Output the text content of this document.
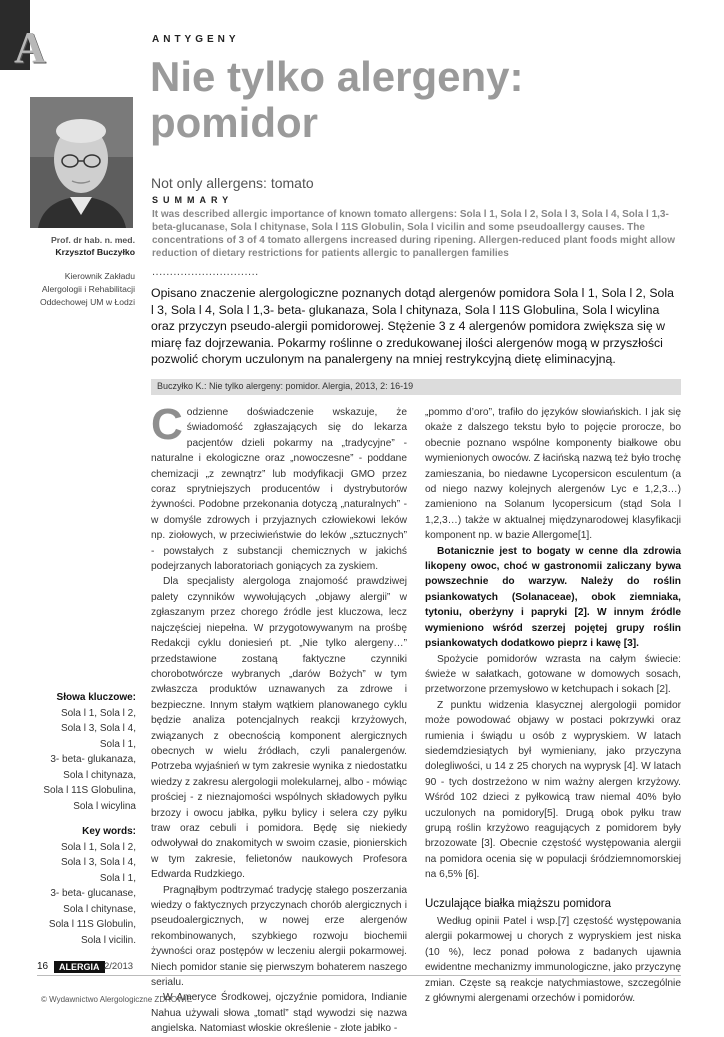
A	ANTYGENY
Nie tylko alergeny:
pomidor
Not only allergens: tomato
SUMMARY
It was described allergic importance of known tomato allergens: Sola l 1, Sola l 2, Sola l 3, Sola l 4, Sola l 1,3- beta-glucanase, Sola l chitynase, Sola l 11S Globulin, Sola l vicilin and some pseudoallergy causes. The concentrations of 3 of 4 tomato allergens increased during ripening. Allergen-reduced plant foods might allow reduction of dietary restrictions for patients allergic to panallergen families
..............................
Opisano znaczenie alergologiczne poznanych dotąd alergenów pomidora Sola l 1, Sola l 2, Sola l 3, Sola l 4, Sola l 1,3- beta- glukanaza, Sola l chitynaza, Sola l 11S Globulina, Sola l wicylina oraz przyczyn pseudo-alergii pomidorowej. Stężenie 3 z 4 alergenów pomidora zwiększa się w miarę faz dojrzewania. Pokarmy roślinne o zredukowanej ilości alergenów mogą w przyszłości pozwolić chorym uczulonym na panalergeny na mniej restrykcyjną dietę eliminacyjną.
Prof. dr hab. n. med.
Krzysztof Buczyłko
Kierownik Zakładu
Alergologii i Rehabilitacji
Oddechowej UM w Łodzi
Buczyłko K.: Nie tylko alergeny: pomidor. Alergia, 2013, 2: 16-19
Słowa kluczowe:
Sola l 1, Sola l 2,
Sola l 3, Sola l 4,
Sola l 1,
3- beta- glukanaza,
Sola l chitynaza,
Sola l 11S Globulina,
Sola l wicylina
Key words:
Sola l 1, Sola l 2,
Sola l 3, Sola l 4,
Sola l 1,
3- beta- glucanase,
Sola l chitynase,
Sola l 11S Globulin,
Sola l vicilin.

Codzienne doświadczenie wskazuje, że świadomość zgłaszających się do lekarza pacjentów dzieli pokarmy na „tradycyjne” - naturalne i ekologiczne oraz „nowoczesne” - poddane chemizacji „z zewnątrz” lub modyfikacji GMO przez coraz sprytniejszych producentów i dystrybutorów żywności. Podobne przekonania dotyczą „naturalnych” - w domyśle zdrowych i przyjaznych człowiekowi leków np. ziołowych, w przeciwieństwie do leków „sztucznych” - powstałych z substancji chemicznych w jakichś podejrzanych laboratoriach goniących za zyskiem.

Dla specjalisty alergologa znajomość prawdziwej palety czynników wywołujących „objawy alergii” w zgłaszanym przez chorego źródle jest kluczowa, lecz najczęściej niepełna. W przygotowywanym na prośbę Redakcji cyklu doniesień pt. „Nie tylko alergeny…” przedstawione zostaną faktyczne czynniki chorobotwórcze wybranych „darów Bożych” w tym zwłaszcza produktów uznawanych za zdrowe i bezpieczne. Innym stałym wątkiem planowanego cyklu będzie analiza potencjalnych reakcji krzyżowych, związanych z obecnością komponent alergicznych obecnych w wielu źródłach, czyli panalergenów. Potrzeba wyjaśnień w tym zakresie wynika z niedostatku wiedzy z zakresu alergologii molekularnej, albo - mówiąc prościej - z nieznajomości wspólnych składowych pyłku brzozy i owocu jabłka, pyłku bylicy i selera czy pyłku traw oraz cebuli i pomidora. Będę się niekiedy odwoływał do znakomitych w swoim czasie, pionierskich w tym zakresie, felietonów naukowych Profesora Edwarda Rudzkiego.

Pragnąłbym podtrzymać tradycję stałego poszerzania wiedzy o faktycznych przyczynach chorób alergicznych i pseudoalergicznych, w nowej erze alergenów rekombinowanych, szybkiego rozwoju biochemii żywności oraz postępów w leczeniu alergii pokarmowej. Niech pomidor stanie się pierwszym bohaterem naszego serialu.

W Ameryce Środkowej, ojczyźnie pomidora, Indianie Nahua używali słowa „tomatl” stąd wywodzi się nazwa angielska. Natomiast włoskie określenie - złote jabłko -

„pommo d’oro”, trafiło do języków słowiańskich. I jak się okaże z dalszego tekstu było to pojęcie prorocze, bo obecnie poznano wspólne komponenty białkowe obu wymienionych owoców. Z łacińską nazwą też było trochę zamieszania, bo niedawne Lycopersicon esculentum (a od niego nazwy kolejnych alergenów Lyc e 1,2,3…) zamieniono na Solanum lycopersicum (stąd Sola l 1,2,3…) także w aktualnej międzynarodowej klasyfikacji komponent np. w bazie Allergome[1].

Botanicznie jest to bogaty w cenne dla zdrowia likopeny owoc, choć w gastronomii zaliczany bywa powszechnie do warzyw. Należy do roślin psiankowatych (Solanaceae), obok ziemniaka, tytoniu, oberżyny i papryki [2]. W innym źródle wymieniono wśród szerzej pojętej grupy roślin psiankowatych dodatkowo pieprz i kawę [3].

Spożycie pomidorów wzrasta na całym świecie: świeże w sałatkach, gotowane w domowych sosach, przetworzone przemysłowo w ketchupach i sokach [2].

Z punktu widzenia klasycznej alergologii pomidor może powodować objawy w postaci pokrzywki oraz rumienia i świądu u osób z wypryskiem. W latach siedemdziesiątych był wymieniany, jako przyczyna dolegliwości, u 14 z 25 chorych na wyprysk [4]. W latach 90 - tych dostrzeżono w nim ważny alergen krzyżowy. Wśród 102 dzieci z pyłkowicą traw niemal 40% było uczulonych na pomidory[5]. Drugą obok pyłku traw grupą roślin krzyżowo reagujących z pomidorem były brzozowate [3]. Obecnie częstość występowania alergii na pomidora ocenia się w populacji śródziemnomorskiej na 6,5% [6].

Uczulające białka miąższu pomidora

Według opinii Patel i wsp.[7] częstość występowania alergii pokarmowej u chorych z wypryskiem jest niska (10 %), lecz ponad połowa z badanych ujawnia ewidentne mechanizmy immunologiczne, jako przyczynę zmian. Częste są reakcje natychmiastowe, szczególnie z głównymi alergenami orzechów i pomidorów.

16	ALERGIA 2/2013
© Wydawnictwo Alergologiczne ZDROWIE
